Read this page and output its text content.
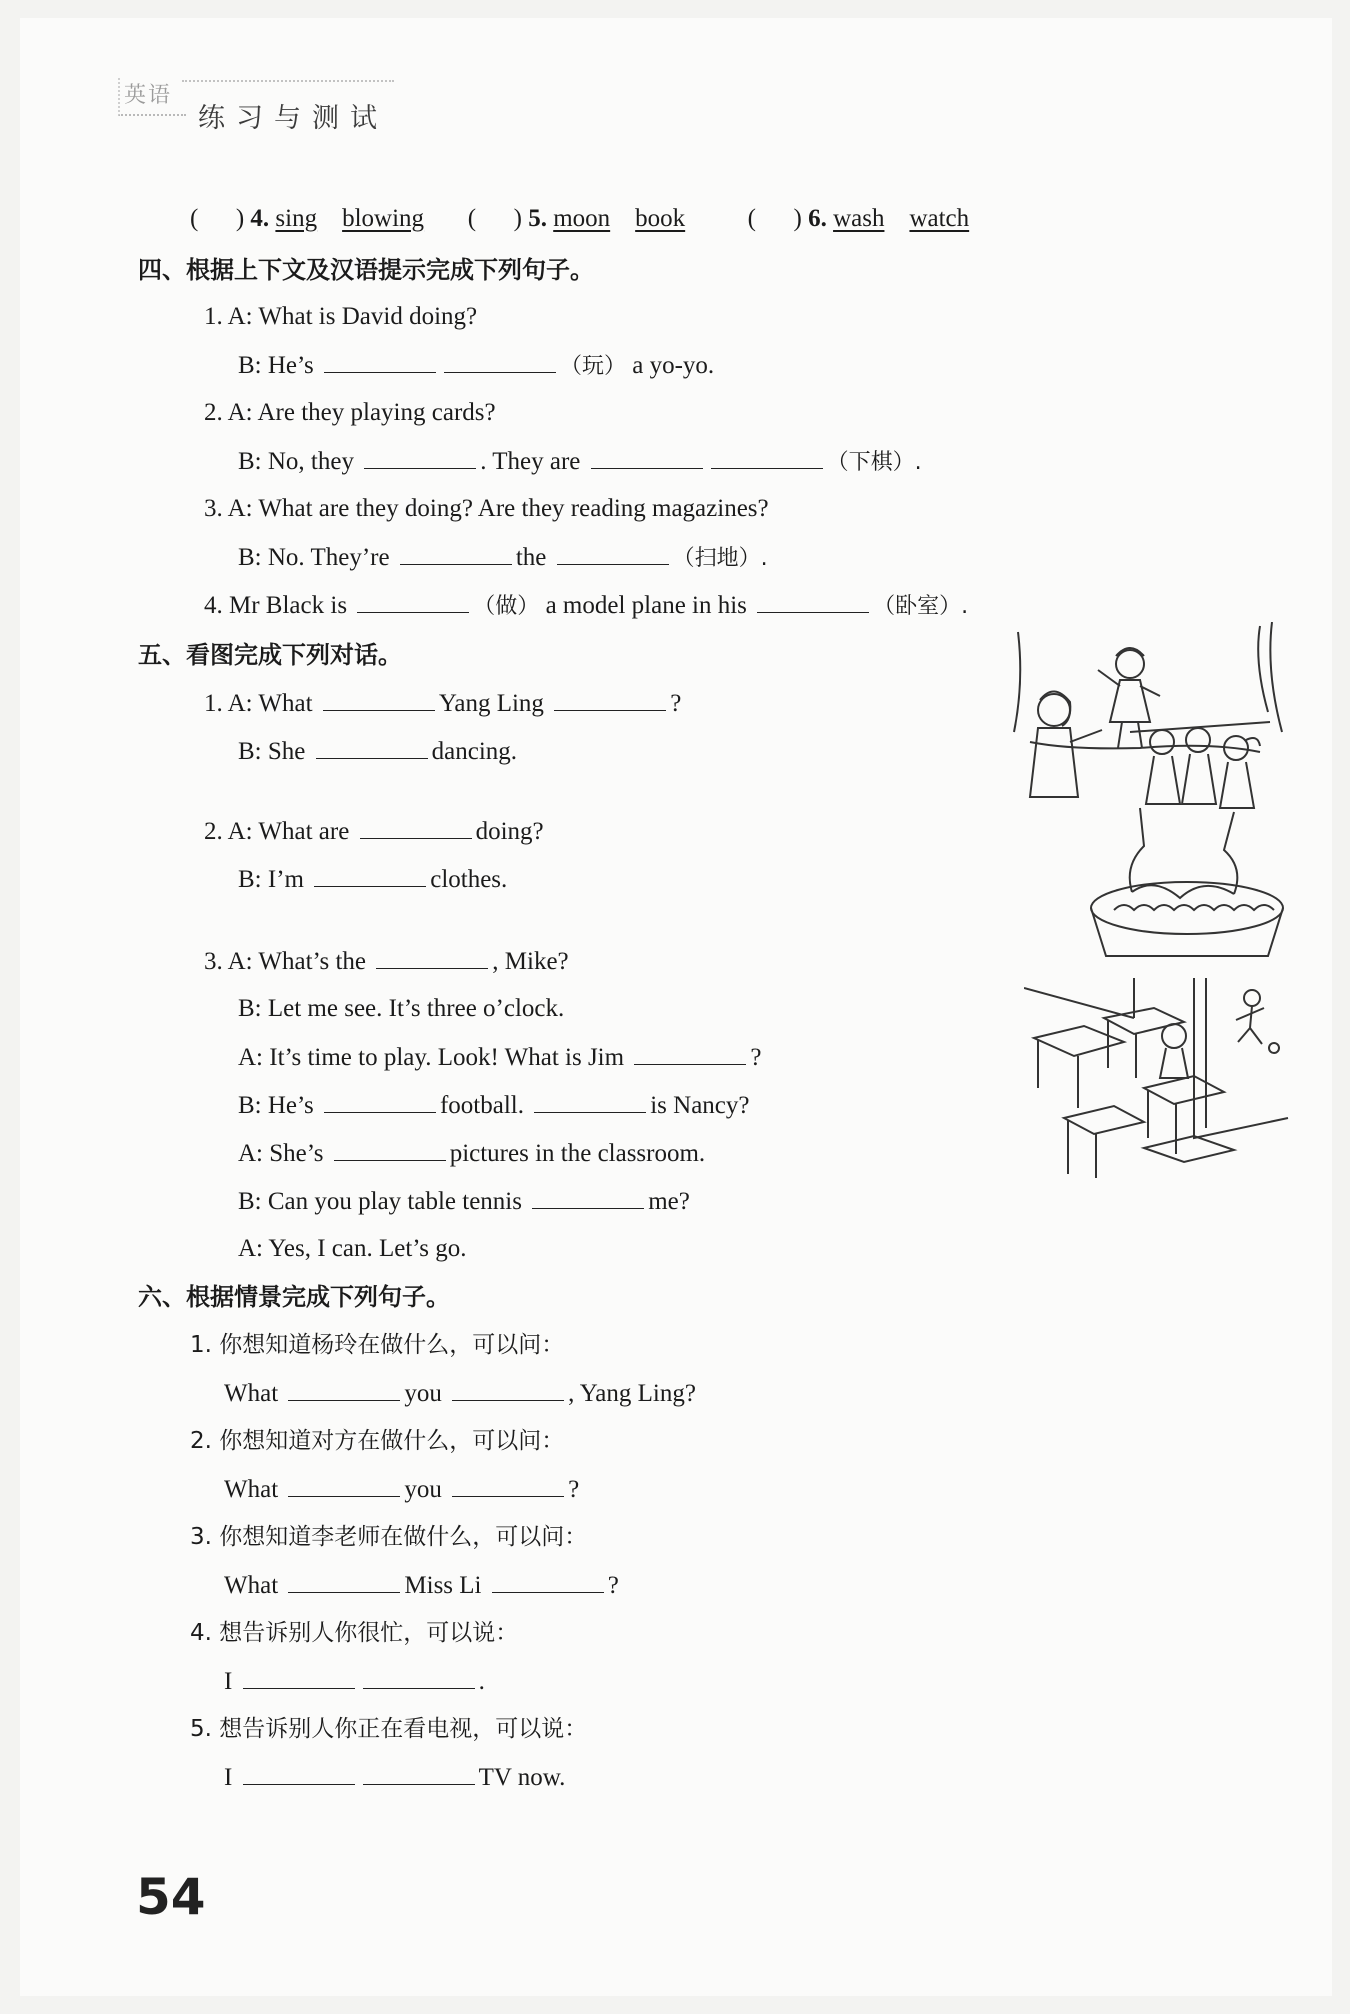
英语
练习与测试
(      ) 4. sing blowing (      ) 5. moon book	(      ) 6. wash watch
四、根据上下文及汉语提示完成下列句子。
1. A: What is David doing?
B: He’s	（玩） a yo-yo.
2. A: Are they playing cards?
B: No, they	. They are	（下棋）.
3. A: What are they doing? Are they reading magazines?
B: No. They’re	the	（扫地）.
4. Mr Black is	（做） a model plane in his	（卧室）.
五、看图完成下列对话。
1. A: What	Yang Ling	?
B: She	dancing.
2. A: What are	doing?
B: I’m	clothes.
3. A: What’s the	, Mike?
B: Let me see. It’s three o’clock.
A: It’s time to play. Look! What is Jim	?
B: He’s	football.	is Nancy?
A: She’s	pictures in the classroom.
B: Can you play table tennis	me?
A: Yes, I can. Let’s go.
六、根据情景完成下列句子。
1. 你想知道杨玲在做什么，可以问：
What	you	, Yang Ling?
2. 你想知道对方在做什么，可以问：
What	you	?
3. 你想知道李老师在做什么，可以问：
What	Miss Li	?
4. 想告诉别人你很忙，可以说：
I	.
5. 想告诉别人你正在看电视，可以说：
I	TV now.
54
